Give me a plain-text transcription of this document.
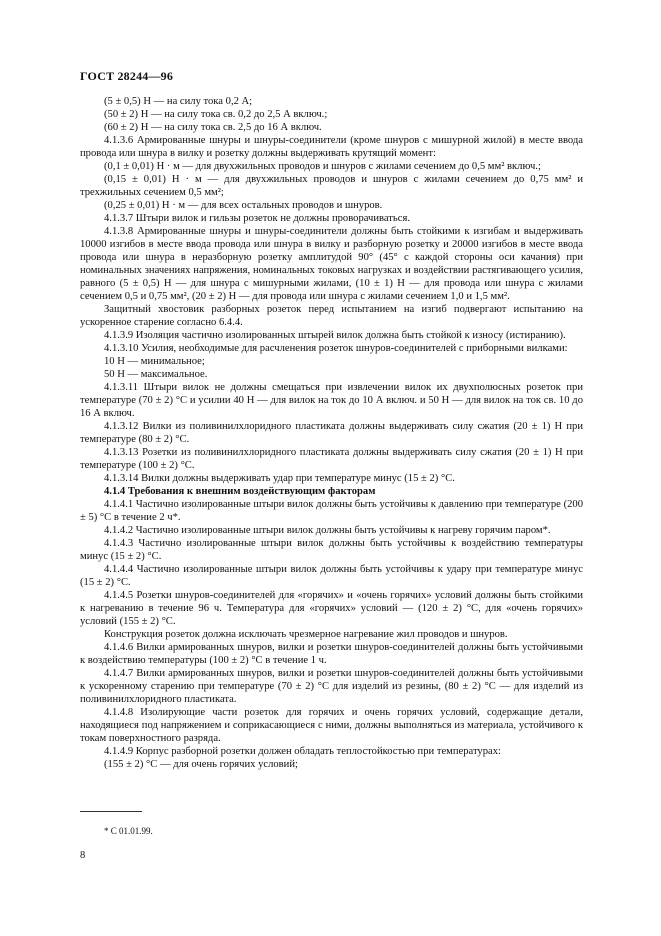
ГОСТ 28244—96

(5 ± 0,5) Н — на силу тока 0,2 А;

(50 ± 2) Н — на силу тока св. 0,2 до 2,5 А включ.;

(60 ± 2) Н — на силу тока св. 2,5 до 16 А включ.

4.1.3.6 Армированные шнуры и шнуры-соединители (кроме шнуров с мишурной жилой) в месте ввода провода или шнура в вилку и розетку должны выдерживать крутящий момент:

(0,1 ± 0,01) Н · м — для двухжильных проводов и шнуров с жилами сечением до 0,5 мм² включ.;

(0,15 ± 0,01) Н · м — для двухжильных проводов и шнуров с жилами сечением до 0,75 мм² и трехжильных сечением 0,5 мм²;

(0,25 ± 0,01) Н · м — для всех остальных проводов и шнуров.

4.1.3.7 Штыри вилок и гильзы розеток не должны проворачиваться.

4.1.3.8 Армированные шнуры и шнуры-соединители должны быть стойкими к изгибам и выдерживать 10000 изгибов в месте ввода провода или шнура в вилку и разборную розетку и 20000 изгибов в месте ввода провода или шнура в неразборную розетку амплитудой 90° (45° с каждой стороны оси качания) при номинальных значениях напряжения, номинальных токовых нагрузках и воздействии растягивающего усилия, равного (5 ± 0,5) Н — для шнура с мишурными жилами, (10 ± 1) Н — для провода или шнура с жилами сечением 0,5 и 0,75 мм², (20 ± 2) Н — для провода или шнура с жилами сечением 1,0 и 1,5 мм².

Защитный хвостовик разборных розеток перед испытанием на изгиб подвергают испытанию на ускоренное старение согласно 6.4.4.

4.1.3.9 Изоляция частично изолированных штырей вилок должна быть стойкой к износу (истиранию).

4.1.3.10 Усилия, необходимые для расчленения розеток шнуров-соединителей с приборными вилками:

10 Н — минимальное;

50 Н — максимальное.

4.1.3.11 Штыри вилок не должны смещаться при извлечении вилок их двухполюсных розеток при температуре (70 ± 2) °С и усилии 40 Н — для вилок на ток до 10 А включ. и 50 Н — для вилок на ток св. 10 до 16 А включ.

4.1.3.12 Вилки из поливинилхлоридного пластиката должны выдерживать силу сжатия (20 ± 1) Н при температуре (80 ± 2) °С.

4.1.3.13 Розетки из поливинилхлоридного пластиката должны выдерживать силу сжатия (20 ± 1) Н при температуре (100 ± 2) °С.

4.1.3.14 Вилки должны выдерживать удар при температуре минус (15 ± 2) °С.

4.1.4 Требования к внешним воздействующим факторам

4.1.4.1 Частично изолированные штыри вилок должны быть устойчивы к давлению при температуре (200 ± 5) °С в течение 2 ч*.

4.1.4.2 Частично изолированные штыри вилок должны быть устойчивы к нагреву горячим паром*.

4.1.4.3 Частично изолированные штыри вилок должны быть устойчивы к воздействию температуры минус (15 ± 2) °С.

4.1.4.4 Частично изолированные штыри вилок должны быть устойчивы к удару при температуре минус (15 ± 2) °С.

4.1.4.5 Розетки шнуров-соединителей для «горячих» и «очень горячих» условий должны быть стойкими к нагреванию в течение 96 ч. Температура для «горячих» условий — (120 ± 2) °С, для «очень горячих» условий (155 ± 2) °С.

Конструкция розеток должна исключать чрезмерное нагревание жил проводов и шнуров.

4.1.4.6 Вилки армированных шнуров, вилки и розетки шнуров-соединителей должны быть устойчивыми к воздействию температуры (100 ± 2) °С в течение 1 ч.

4.1.4.7 Вилки армированных шнуров, вилки и розетки шнуров-соединителей должны быть устойчивыми к ускоренному старению при температуре (70 ± 2) °С для изделий из резины, (80 ± 2) °С — для изделий из поливинилхлоридного пластиката.

4.1.4.8 Изолирующие части розеток для горячих и очень горячих условий, содержащие детали, находящиеся под напряжением и соприкасающиеся с ними, должны выполняться из материала, устойчивого к токам поверхностного разряда.

4.1.4.9 Корпус разборной розетки должен обладать теплостойкостью при температурах:

(155 ± 2) °С — для очень горячих условий;

* С 01.01.99.
8
